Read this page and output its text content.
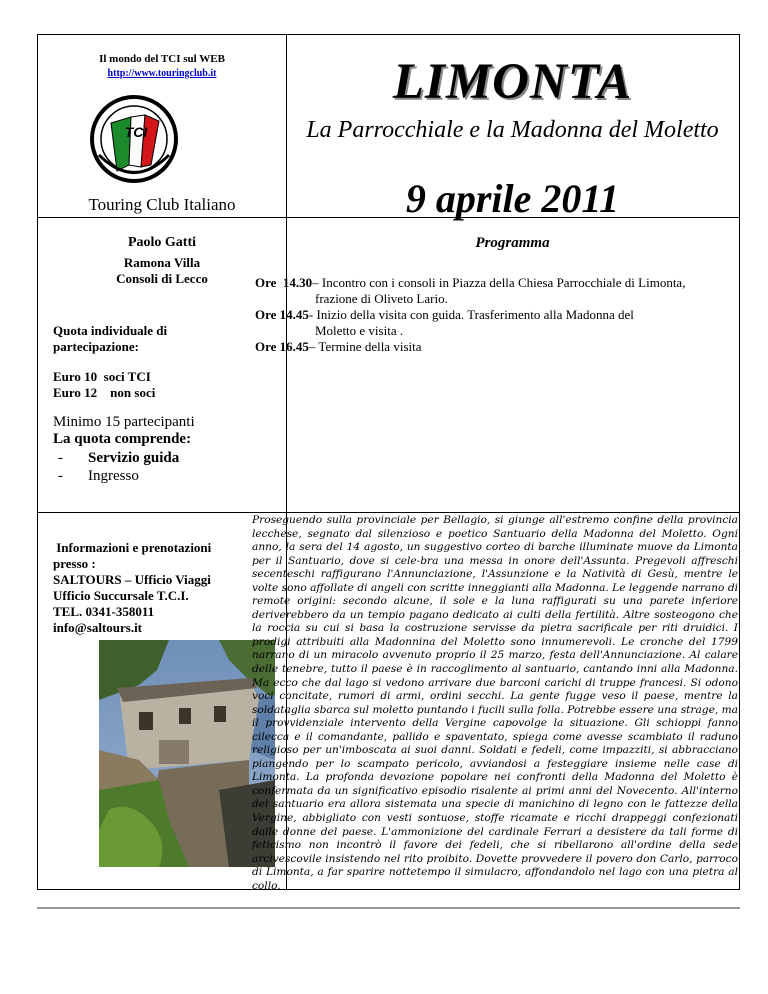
Il mondo del TCI sul WEB
http://www.touringclub.it
TCI
Touring Club Italiano
LIMONTA
La Parrocchiale e la Madonna del Moletto
9 aprile 2011
Paolo Gatti
Ramona Villa
Consoli di Lecco
Quota individuale di partecipazione:
Euro 10  soci TCI
Euro 12    non soci
Minimo 15 partecipanti
La quota comprende:
- Servizio guida
- Ingresso
Programma
Ore  14.30 – Incontro con i consoli in Piazza della Chiesa Parrocchiale di Limonta,
frazione di Oliveto Lario.
Ore 14.45 - Inizio della visita con guida. Trasferimento alla Madonna del
Moletto e visita .
Ore 16.45 – Termine della visita
Informazioni e prenotazioni
presso :
SALTOURS – Ufficio Viaggi
Ufficio Succursale T.C.I.
TEL. 0341-358011
info@saltours.it
Proseguendo sulla provinciale per Bellagio, si giunge all'estremo confine della provincia lecchese, segnato dal silenzioso e poetico Santuario della Madonna del Moletto. Ogni anno, la sera del 14 agosto, un suggestivo corteo di barche illuminate muove da Limonta per il Santuario, dove si cele-bra una messa in onore dell'Assunta. Pregevoli affreschi secenteschi raffigurano l'Annunciazione, l'Assunzione e la Natività di Gesù, mentre le volte sono affollate di angeli con scritte inneggianti alla Madonna. Le leggende narrano di remote origini: secondo alcune, il sole e la luna raffigurati su una parete inferiore deriverebbero da un tempio pagano dedicato ai culti della fertilità. Altre sosteogono che la roccia su cui si basa la costruzione servisse da pietra sacrificale per riti druidici. I prodigi attribuiti alla Madonnina del Moletto sono innumerevoli. Le cronche del 1799 narrano di un miracolo avvenuto proprio il 25 marzo, festa dell'Annunciazione. Al calare delle tenebre, tutto il paese è in raccoglimento al santuario, cantando inni alla Madonna. Ma ecco che dal lago si vedono arrivare due barconi carichi di truppe francesi. Si odono voci concitate, rumori di armi, ordini secchi. La gente fugge veso il paese, mentre la soldataglia sbarca sul moletto puntando i fucili sulla folla. Potrebbe essere una strage, ma il provvidenziale intervento della Vergine capovolge la situazione. Gli schioppi fanno cilecca e il comandante, pallido e spaventato, spiega come avesse scambiato il raduno religioso per un'imboscata ai suoi danni. Soldati e fedeli, come impazziti, si abbracciano piangendo per lo scampato pericolo, avviandosi a festeggiare insieme nelle case di Limonta. La profonda devozione popolare nei confronti della Madonna del Moletto è confermata da un significativo episodio risalente ai primi anni del Novecento. All'interno del santuario era allora sistemata una specie di manichino di legno con le fattezze della Vergine, abbigliato con vesti sontuose, stoffe ricamate e ricchi drappeggi confezionati dalle donne del paese. L'ammonizione del cardinale Ferrari a desistere da tali forme di feticismo non incontrò il favore dei fedeli, che si ribellarono all'ordine della sede arcivescovile insistendo nel rito proibito. Dovette provvedere il povero don Carlo, parroco di Limonta, a far sparire nottetempo il simulacro, affondandolo nel lago con una pietra al collo.
